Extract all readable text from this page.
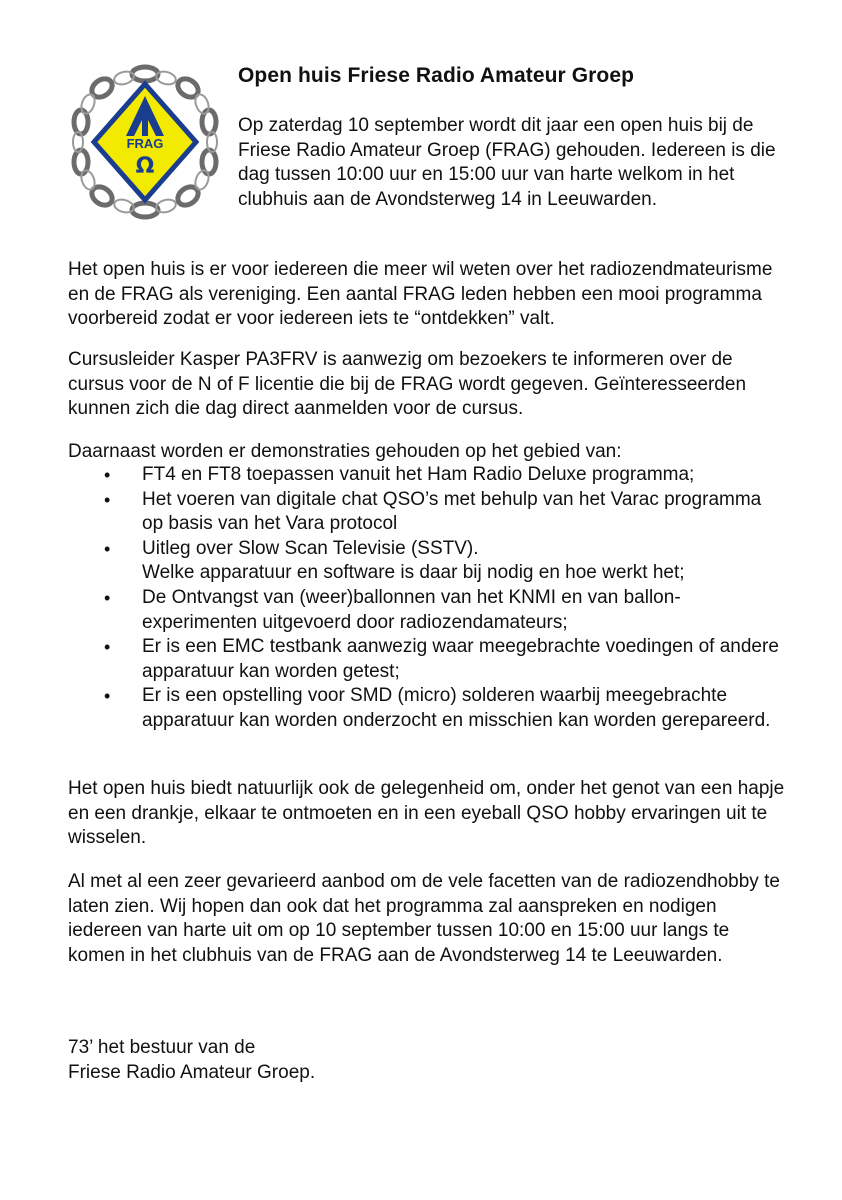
FRAG
Ω
Open huis Friese Radio Amateur Groep

Op zaterdag 10 september wordt dit jaar een open huis bij de Friese Radio Amateur Groep (FRAG) gehouden. Iedereen is die dag tussen 10:00 uur en 15:00 uur van harte welkom in het clubhuis aan de Avondsterweg 14 in Leeuwarden.

Het open huis is er voor iedereen die meer wil weten over het radiozendmateurisme en de FRAG als vereniging. Een aantal FRAG leden hebben een mooi programma voorbereid zodat er voor iedereen iets te “ontdekken” valt.

Cursusleider Kasper PA3FRV is aanwezig om bezoekers te informeren over de cursus voor de N of F licentie die bij de FRAG wordt gegeven. Geïnteresseerden kunnen zich die dag direct aanmelden voor de cursus.

Daarnaast worden er demonstraties gehouden op het gebied van:

• FT4 en FT8 toepassen vanuit het Ham Radio Deluxe programma;
• Het voeren van digitale chat QSO’s met behulp van het Varac programma op basis van het Vara protocol
• Uitleg over Slow Scan Televisie (SSTV).
Welke apparatuur en software is daar bij nodig en hoe werkt het;
• De Ontvangst van (weer)ballonnen van het KNMI en van ballonexperimenten uitgevoerd door radiozendamateurs;
• Er is een EMC testbank aanwezig waar meegebrachte voedingen of andere apparatuur kan worden getest;
• Er is een opstelling voor SMD (micro) solderen waarbij meegebrachte apparatuur kan worden onderzocht en misschien kan worden gerepareerd.

Het open huis biedt natuurlijk ook de gelegenheid om, onder het genot van een hapje en een drankje, elkaar te ontmoeten en in een eyeball QSO hobby ervaringen uit te wisselen.

Al met al een zeer gevarieerd aanbod om de vele facetten van de radiozendhobby te laten zien. Wij hopen dan ook dat het programma zal aanspreken en nodigen iedereen van harte uit om op 10 september tussen 10:00 en 15:00 uur langs te komen in het clubhuis van de FRAG aan de Avondsterweg 14 te Leeuwarden.

73’ het bestuur van de
Friese Radio Amateur Groep.
